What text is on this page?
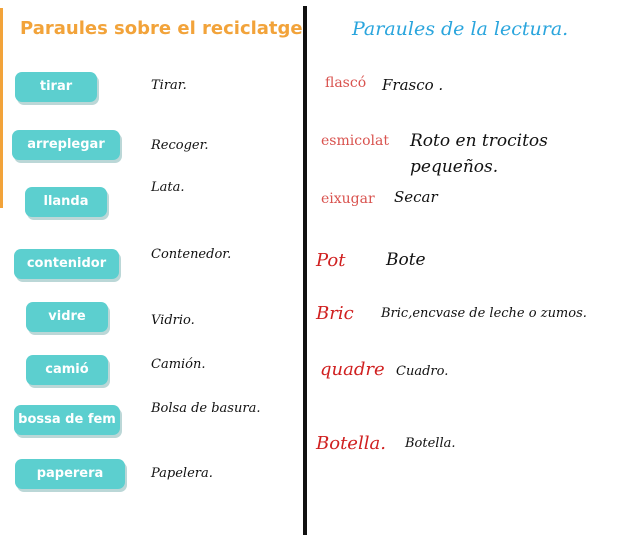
Paraules sobre el reciclatge	Paraules de la lectura.
tirar
arreplegar
llanda
contenidor
vidre
camió
bossa de fem
paperera
Tirar.
Recoger.
Lata.
Contenedor.
Vidrio.
Camión.
Bolsa de basura.
Papelera.
flascó
esmicolat
eixugar
Pot
Bric
quadre
Botella.
Frasco .
Roto en trocitos pequeños.
Secar
Bote
Bric,encvase de leche o zumos.
Cuadro.
Botella.
